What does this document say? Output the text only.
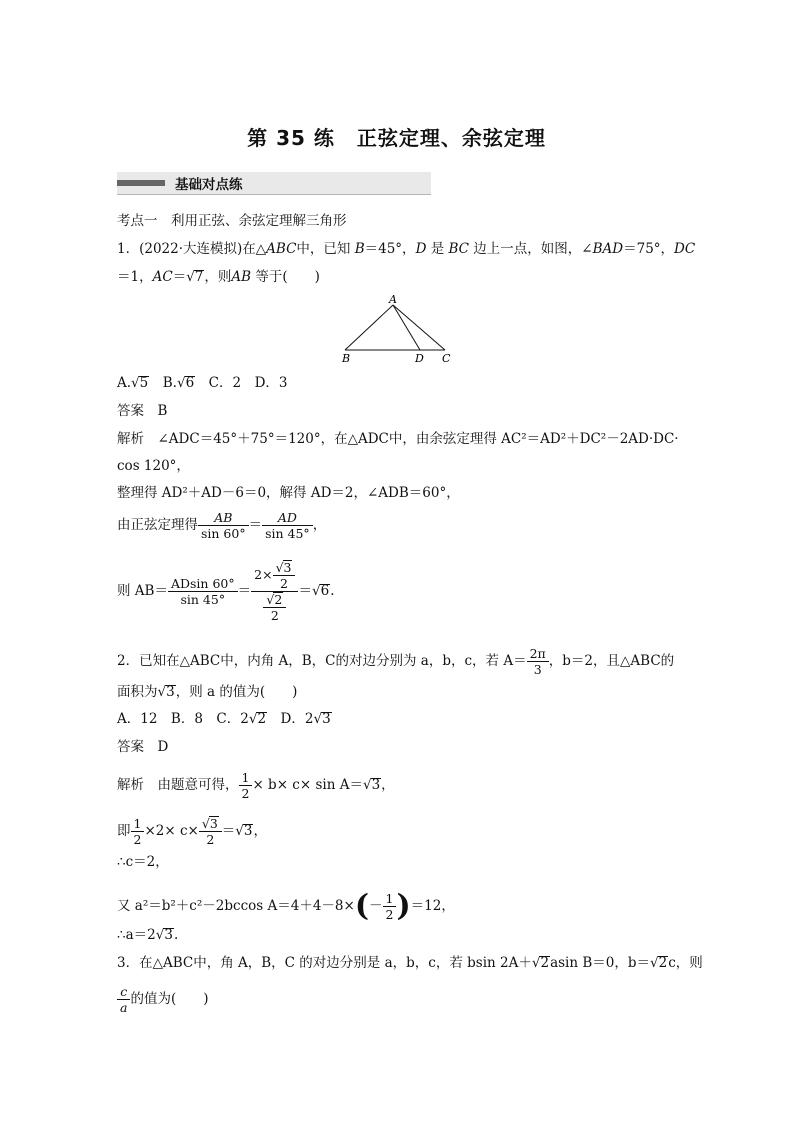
第 35 练 正弦定理、余弦定理
基础对点练
考点一　利用正弦、余弦定理解三角形
1．(2022·大连模拟)在△ABC中，已知 B＝45°，D 是 BC 边上一点，如图，∠BAD＝75°，DC
＝1，AC＝√7，则AB 等于(　　)
A
B	D C
A.√5　 B.√6　 C．2　D．3
答案　 B
解析　 ∠ADC＝45°＋75°＝120°，在△ADC中，由余弦定理得 AC²＝AD²＋DC²－2AD·DC·
cos 120°，
整理得 AD²＋AD－6＝0，解得 AD＝2，∠ADB＝60°，
由正弦定理得 $\frac{AB}{\sin 60^\circ} = \frac{AD}{\sin 45^\circ}$ ，
则 $AB= \frac{ADsin 60^\circ}{\sin 45^\circ} = \frac{2\times \frac{√3}{2}}{\frac{√2}{2}} =√6$.
2．已知在△ABC中，内角 A，B，C的对边分别为 a，b，c，若 $A= \frac{2\pi}{3}$ ，b＝2，且△ABC的
面积为√3，则 a 的值为(　　)
A．12　B．8　C．2√2　D．2√3
答案　 D
解析　 由题意可得， $\frac{1}{2} \times b\times c\times \sin A=√3$，
即 $\frac{1}{2} \times 2\times c\times \frac{√3}{2} =√3$，
∴c＝2，
又 a²＝b²＋c²－2bccos $A=4+4-8\times(- \frac{1}{2} )=12$，
∴a＝2√3.
3．在△ABC中，角 A，B，C 的对边分别是 a，b，c，若 bsin 2A＋√2asin B＝0，b＝√2c，则
$\frac{c}{a}$ 的值为(　　)
